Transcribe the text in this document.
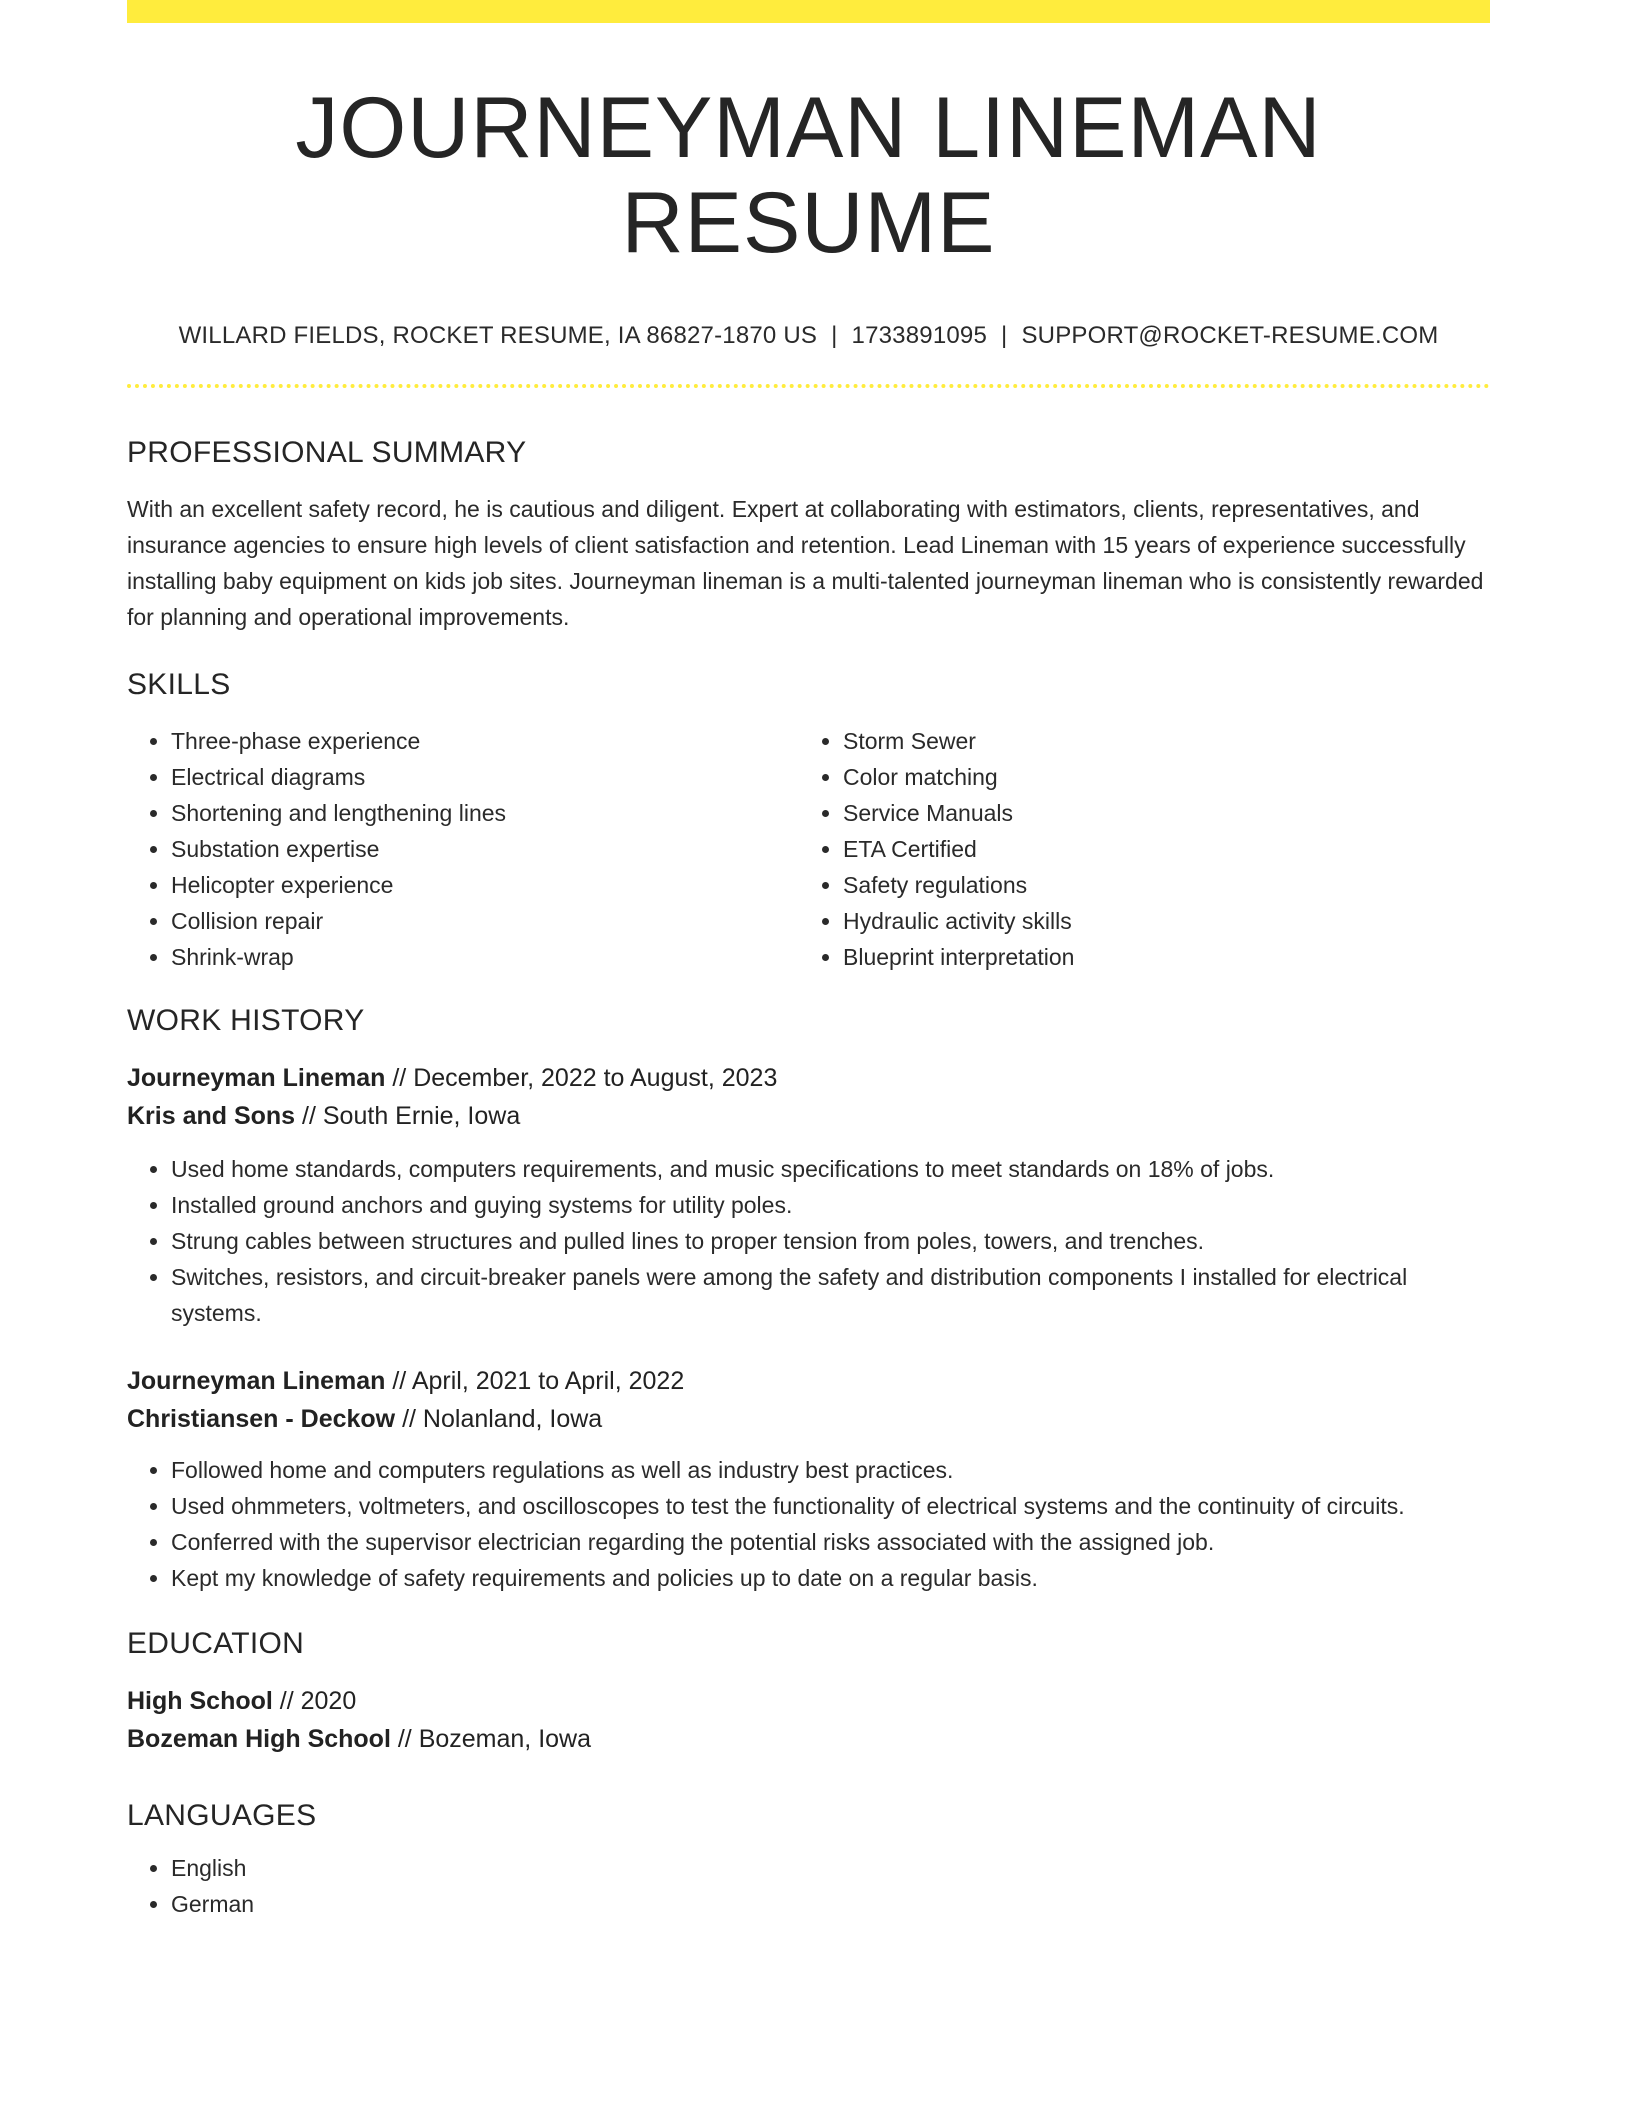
JOURNEYMAN LINEMAN RESUME
WILLARD FIELDS, ROCKET RESUME, IA 86827-1870 US | 1733891095 | SUPPORT@ROCKET-RESUME.COM
PROFESSIONAL SUMMARY

With an excellent safety record, he is cautious and diligent. Expert at collaborating with estimators, clients, representatives, and insurance agencies to ensure high levels of client satisfaction and retention. Lead Lineman with 15 years of experience successfully installing baby equipment on kids job sites. Journeyman lineman is a multi-talented journeyman lineman who is consistently rewarded for planning and operational improvements.

SKILLS
• Three-phase experience
• Electrical diagrams
• Shortening and lengthening lines
• Substation expertise
• Helicopter experience
• Collision repair
• Shrink-wrap
• Storm Sewer
• Color matching
• Service Manuals
• ETA Certified
• Safety regulations
• Hydraulic activity skills
• Blueprint interpretation
WORK HISTORY
Journeyman Lineman // December, 2022 to August, 2023
Kris and Sons // South Ernie, Iowa
• Used home standards, computers requirements, and music specifications to meet standards on 18% of jobs.
• Installed ground anchors and guying systems for utility poles.
• Strung cables between structures and pulled lines to proper tension from poles, towers, and trenches.
• Switches, resistors, and circuit-breaker panels were among the safety and distribution components I installed for electrical systems.
Journeyman Lineman // April, 2021 to April, 2022
Christiansen - Deckow // Nolanland, Iowa
• Followed home and computers regulations as well as industry best practices.
• Used ohmmeters, voltmeters, and oscilloscopes to test the functionality of electrical systems and the continuity of circuits.
• Conferred with the supervisor electrician regarding the potential risks associated with the assigned job.
• Kept my knowledge of safety requirements and policies up to date on a regular basis.
EDUCATION
High School // 2020
Bozeman High School // Bozeman, Iowa
LANGUAGES
• English
• German
